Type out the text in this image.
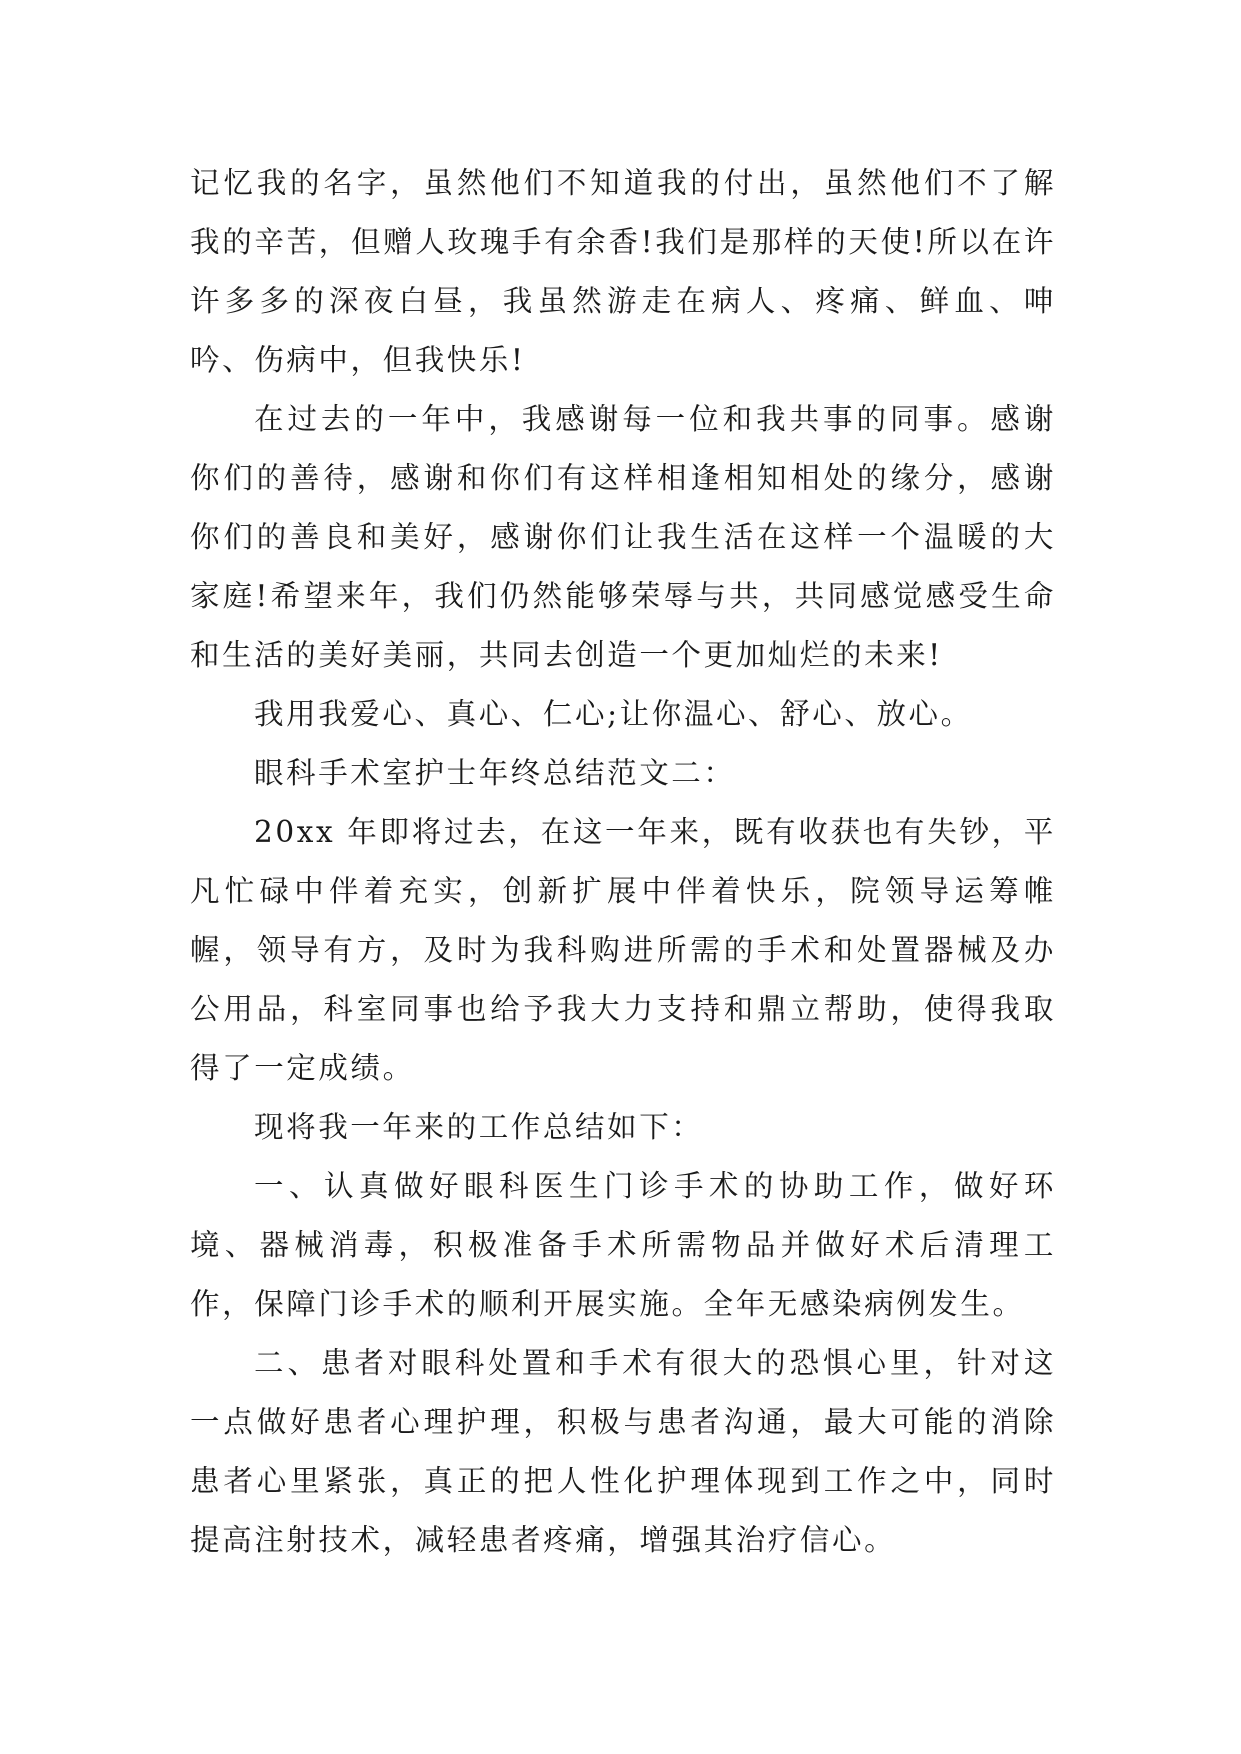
记忆我的名字，虽然他们不知道我的付出，虽然他们不了解我的辛苦，但赠人玫瑰手有余香!我们是那样的天使!所以在许许多多的深夜白昼，我虽然游走在病人、疼痛、鲜血、呻吟、伤病中，但我快乐!

在过去的一年中，我感谢每一位和我共事的同事。感谢你们的善待，感谢和你们有这样相逢相知相处的缘分，感谢你们的善良和美好，感谢你们让我生活在这样一个温暖的大家庭!希望来年，我们仍然能够荣辱与共，共同感觉感受生命和生活的美好美丽，共同去创造一个更加灿烂的未来!

我用我爱心、真心、仁心;让你温心、舒心、放心。

眼科手术室护士年终总结范文二：

20xx 年即将过去，在这一年来，既有收获也有失钞，平凡忙碌中伴着充实，创新扩展中伴着快乐，院领导运筹帷幄，领导有方，及时为我科购进所需的手术和处置器械及办公用品，科室同事也给予我大力支持和鼎立帮助，使得我取得了一定成绩。

现将我一年来的工作总结如下：

一、认真做好眼科医生门诊手术的协助工作，做好环境、器械消毒，积极准备手术所需物品并做好术后清理工作，保障门诊手术的顺利开展实施。全年无感染病例发生。

二、患者对眼科处置和手术有很大的恐惧心里，针对这一点做好患者心理护理，积极与患者沟通，最大可能的消除患者心里紧张，真正的把人性化护理体现到工作之中，同时提高注射技术，减轻患者疼痛，增强其治疗信心。
